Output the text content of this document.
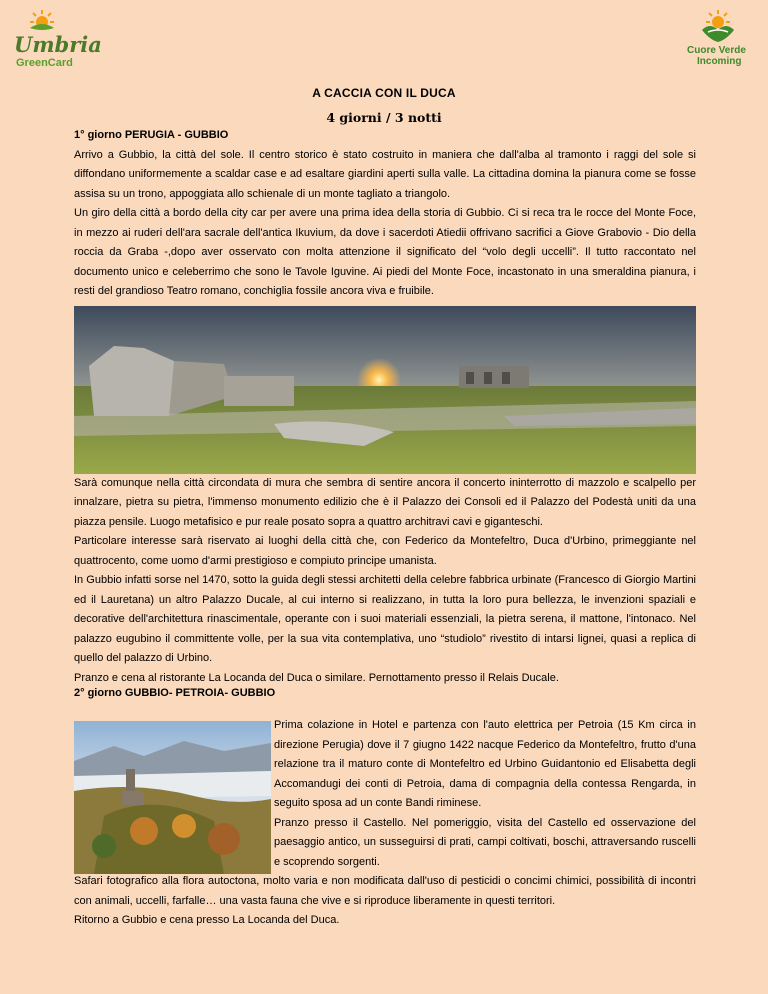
Umbria
GreenCard
Cuore Verde
Incoming
A CACCIA CON IL DUCA
4 giorni / 3 notti
1° giorno PERUGIA - GUBBIO

Arrivo a Gubbio, la città del sole. Il centro storico è stato costruito in maniera che dall'alba al tramonto i raggi del sole si diffondano uniformemente a scaldar case e ad esaltare giardini aperti sulla valle. La cittadina domina la pianura come se fosse assisa su un trono, appoggiata allo schienale di un monte tagliato a triangolo.

Un giro della città a bordo della city car per avere una prima idea della storia di Gubbio. Ci si reca tra le rocce del Monte Foce, in mezzo ai ruderi dell'ara sacrale dell'antica Ikuvium, da dove i sacerdoti Atiedii offrivano sacrifici a Giove Grabovio - Dio della roccia da Graba -,dopo aver osservato con molta attenzione il significato del “volo degli uccelli”. Il tutto raccontato nel documento unico e celeberrimo che sono le Tavole Iguvine. Ai piedi del Monte Foce, incastonato in una smeraldina pianura, i resti del grandioso Teatro romano, conchiglia fossile ancora viva e fruibile.

Sarà comunque nella città circondata di mura che sembra di sentire ancora il concerto ininterrotto di mazzolo e scalpello per innalzare, pietra su pietra, l'immenso monumento edilizio che è il Palazzo dei Consoli ed il Palazzo del Podestà uniti da una piazza pensile. Luogo metafisico e pur reale posato sopra a quattro architravi cavi e giganteschi.

Particolare interesse sarà riservato ai luoghi della città che, con Federico da Montefeltro, Duca d'Urbino, primeggiante nel quattrocento, come uomo d'armi prestigioso e compiuto principe umanista.

In Gubbio infatti sorse nel 1470, sotto la guida degli stessi architetti della celebre fabbrica urbinate (Francesco di Giorgio Martini ed il Lauretana) un altro Palazzo Ducale, al cui interno si realizzano, in tutta la loro pura bellezza, le invenzioni spaziali e decorative dell'architettura rinascimentale, operante con i suoi materiali essenziali, la pietra serena, il mattone, l'intonaco. Nel palazzo eugubino il committente volle, per la sua vita contemplativa, uno “studiolo” rivestito di intarsi lignei, quasi a replica di quello del palazzo di Urbino.

Pranzo e cena al ristorante La Locanda del Duca o similare. Pernottamento presso il Relais Ducale.

2° giorno GUBBIO- PETROIA- GUBBIO

Prima colazione in Hotel e partenza con l'auto elettrica per Petroia (15 Km circa in direzione Perugia) dove il 7 giugno 1422 nacque Federico da Montefeltro, frutto d'una relazione tra il maturo conte di Montefeltro ed Urbino Guidantonio ed Elisabetta degli Accomandugi dei conti di Petroia, dama di compagnia della contessa Rengarda, in seguito sposa ad un conte Bandi riminese.

Pranzo presso il Castello. Nel pomeriggio, visita del Castello ed osservazione del paesaggio antico, un susseguirsi di prati, campi coltivati, boschi, attraversando ruscelli e scoprendo sorgenti.

Safari fotografico alla flora autoctona, molto varia e non modificata dall'uso di pesticidi o concimi chimici, possibilità di incontri con animali, uccelli, farfalle… una vasta fauna che vive e si riproduce liberamente in questi territori.

Ritorno a Gubbio e cena presso La Locanda del Duca.
